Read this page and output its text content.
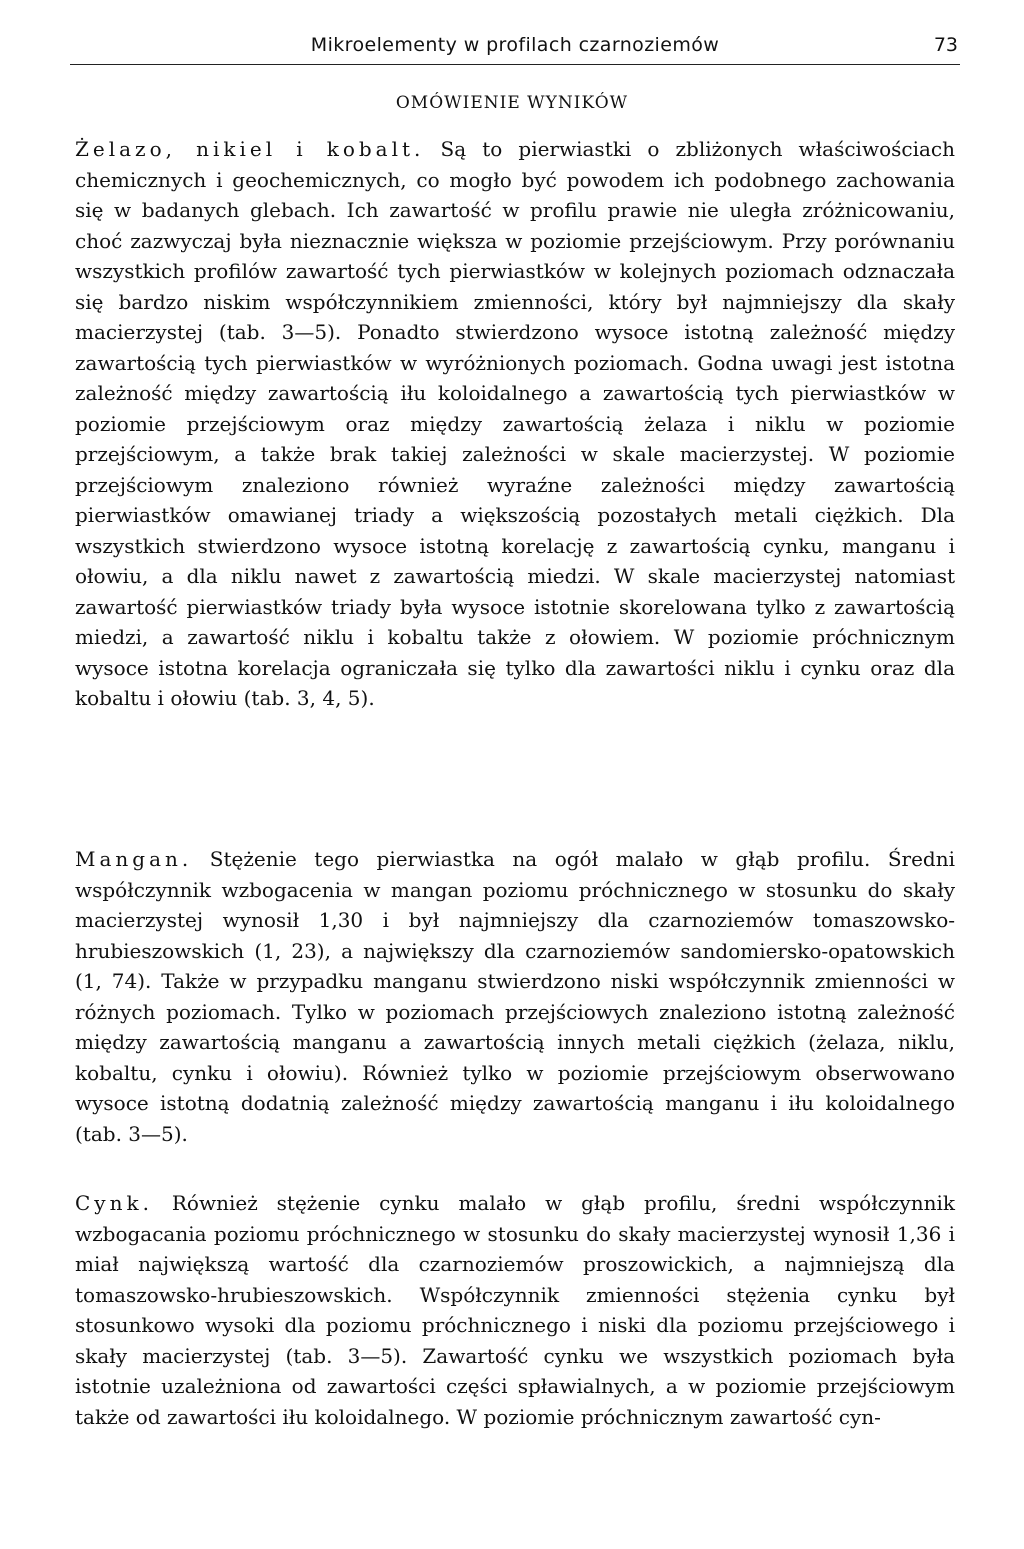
Mikroelementy w profilach czarnoziemów	73
OMÓWIENIE WYNIKÓW

Żelazo, nikiel i kobalt. Są to pierwiastki o zbliżonych właściwościach chemicznych i geochemicznych, co mogło być powodem ich podobnego zachowania się w badanych glebach. Ich zawartość w profilu prawie nie uległa zróżnicowaniu, choć zazwyczaj była nieznacznie większa w poziomie przejściowym. Przy porównaniu wszystkich profilów zawartość tych pierwiastków w kolejnych poziomach odznaczała się bardzo niskim współczynnikiem zmienności, który był najmniejszy dla skały macierzystej (tab. 3—5). Ponadto stwierdzono wysoce istotną zależność między zawartością tych pierwiastków w wyróżnionych poziomach. Godna uwagi jest istotna zależność między zawartością iłu koloidalnego a zawartością tych pierwiastków w poziomie przejściowym oraz między zawartością żelaza i niklu w poziomie przejściowym, a także brak takiej zależności w skale macierzystej. W poziomie przejściowym znaleziono również wyraźne zależności między zawartością pierwiastków omawianej triady a większością pozostałych metali ciężkich. Dla wszystkich stwierdzono wysoce istotną korelację z zawartością cynku, manganu i ołowiu, a dla niklu nawet z zawartością miedzi. W skale macierzystej natomiast zawartość pierwiastków triady była wysoce istotnie skorelowana tylko z zawartością miedzi, a zawartość niklu i kobaltu także z ołowiem. W poziomie próchnicznym wysoce istotna korelacja ograniczała się tylko dla zawartości niklu i cynku oraz dla kobaltu i ołowiu (tab. 3, 4, 5).

Mangan. Stężenie tego pierwiastka na ogół malało w głąb profilu. Średni współczynnik wzbogacenia w mangan poziomu próchnicznego w stosunku do skały macierzystej wynosił 1,30 i był najmniejszy dla czarnoziemów tomaszowsko-hrubieszowskich (1, 23), a największy dla czarnoziemów sandomiersko-opatowskich (1, 74). Także w przypadku manganu stwierdzono niski współczynnik zmienności w różnych poziomach. Tylko w poziomach przejściowych znaleziono istotną zależność między zawartością manganu a zawartością innych metali ciężkich (żelaza, niklu, kobaltu, cynku i ołowiu). Również tylko w poziomie przejściowym obserwowano wysoce istotną dodatnią zależność między zawartością manganu i iłu koloidalnego (tab. 3—5).

Cynk. Również stężenie cynku malało w głąb profilu, średni współczynnik wzbogacania poziomu próchnicznego w stosunku do skały macierzystej wynosił 1,36 i miał największą wartość dla czarnoziemów proszowickich, a najmniejszą dla tomaszowsko-hrubieszowskich. Współczynnik zmienności stężenia cynku był stosunkowo wysoki dla poziomu próchnicznego i niski dla poziomu przejściowego i skały macierzystej (tab. 3—5). Zawartość cynku we wszystkich poziomach była istotnie uzależniona od zawartości części spławialnych, a w poziomie przejściowym także od zawartości iłu koloidalnego. W poziomie próchnicznym zawartość cyn-
